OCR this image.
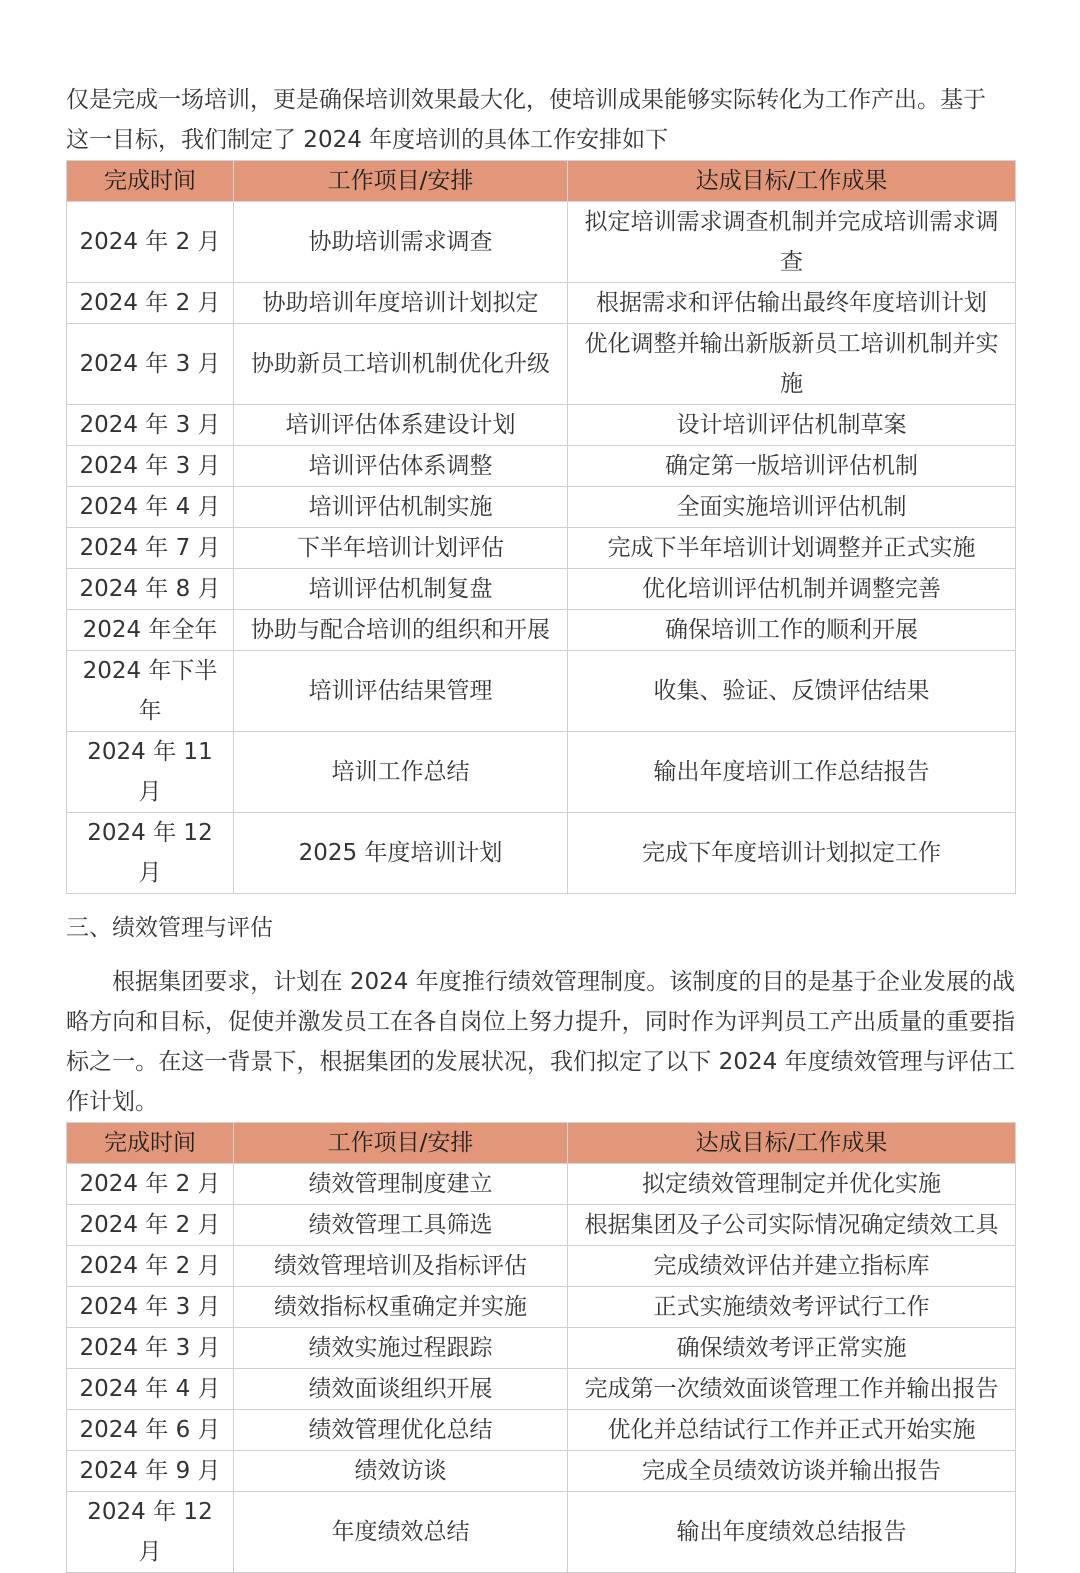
仅是完成一场培训，更是确保培训效果最大化，使培训成果能够实际转化为工作产出。基于
这一目标，我们制定了 2024 年度培训的具体工作安排如下

完成时间	工作项目/安排	达成目标/工作成果
2024 年 2 月	协助培训需求调查	拟定培训需求调查机制并完成培训需求调查
2024 年 2 月	协助培训年度培训计划拟定	根据需求和评估输出最终年度培训计划
2024 年 3 月	协助新员工培训机制优化升级	优化调整并输出新版新员工培训机制并实施
2024 年 3 月	培训评估体系建设计划	设计培训评估机制草案
2024 年 3 月	培训评估体系调整	确定第一版培训评估机制
2024 年 4 月	培训评估机制实施	全面实施培训评估机制
2024 年 7 月	下半年培训计划评估	完成下半年培训计划调整并正式实施
2024 年 8 月	培训评估机制复盘	优化培训评估机制并调整完善
2024 年全年	协助与配合培训的组织和开展	确保培训工作的顺利开展
2024 年下半年	培训评估结果管理	收集、验证、反馈评估结果
2024 年 11 月	培训工作总结	输出年度培训工作总结报告
2024 年 12 月	2025 年度培训计划	完成下年度培训计划拟定工作
三、绩效管理与评估

根据集团要求，计划在 2024 年度推行绩效管理制度。该制度的目的是基于企业发展的战略方向和目标，促使并激发员工在各自岗位上努力提升，同时作为评判员工产出质量的重要指标之一。在这一背景下，根据集团的发展状况，我们拟定了以下 2024 年度绩效管理与评估工作计划。

完成时间	工作项目/安排	达成目标/工作成果
2024 年 2 月	绩效管理制度建立	拟定绩效管理制定并优化实施
2024 年 2 月	绩效管理工具筛选	根据集团及子公司实际情况确定绩效工具
2024 年 2 月	绩效管理培训及指标评估	完成绩效评估并建立指标库
2024 年 3 月	绩效指标权重确定并实施	正式实施绩效考评试行工作
2024 年 3 月	绩效实施过程跟踪	确保绩效考评正常实施
2024 年 4 月	绩效面谈组织开展	完成第一次绩效面谈管理工作并输出报告
2024 年 6 月	绩效管理优化总结	优化并总结试行工作并正式开始实施
2024 年 9 月	绩效访谈	完成全员绩效访谈并输出报告
2024 年 12 月	年度绩效总结	输出年度绩效总结报告
